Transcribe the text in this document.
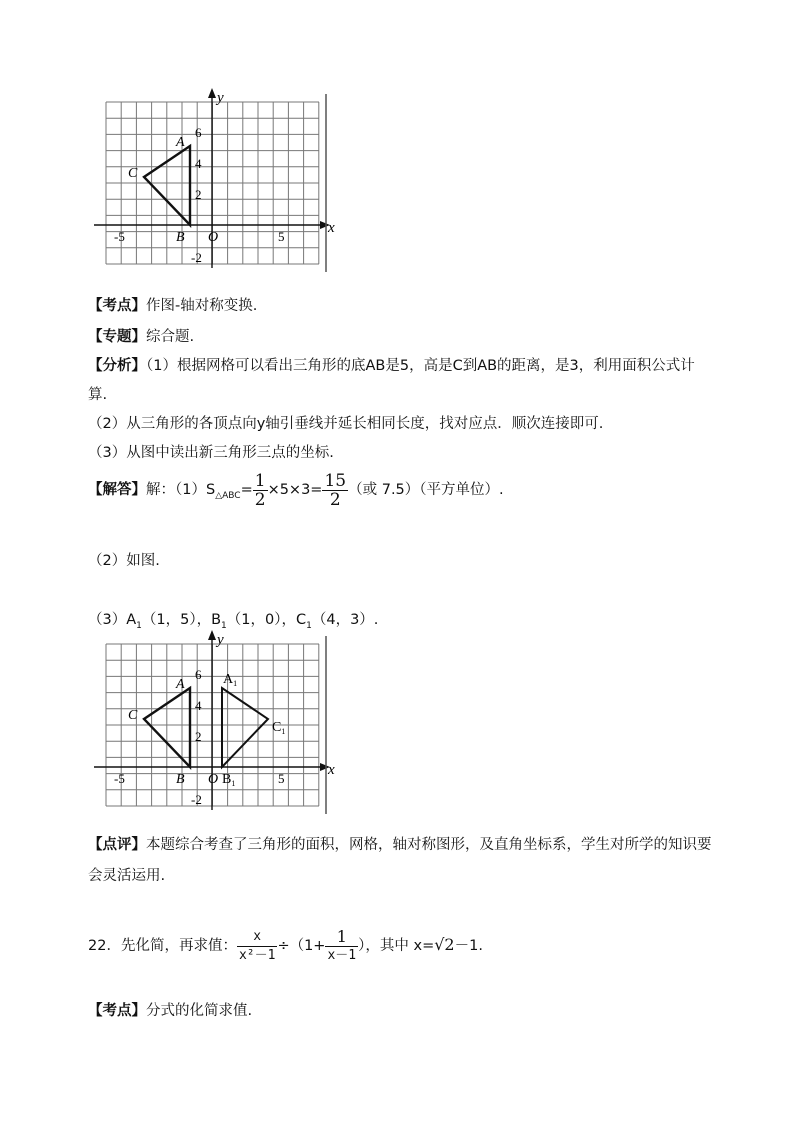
x
y
-5	5
6
4
2
-2
O
A
B
C
【考点】作图-轴对称变换.
【专题】综合题.
【分析】（1）根据网格可以看出三角形的底AB是5，高是C到AB的距离，是3，利用面积公式计
算.
（2）从三角形的各顶点向y轴引垂线并延长相同长度，找对应点．顺次连接即可.
（3）从图中读出新三角形三点的坐标.
【解答】解：$(1)S_{\triangle ABC}= \frac{1}{2} \times 5\times 3= \frac{15}{2}$ （或 7.5）（平方单位）.
（2）如图.
$(3)A_1(1$，5），$B_1(1$，0），$C_1(4$，3）.
x
y
-5	5
6
4
2
-2
O
A
B
C
$A_1$
$B_1$
$C_1$
【点评】本题综合考查了三角形的面积，网格，轴对称图形，及直角坐标系，学生对所学的知识要
会灵活运用.
22．先化简，再求值： $\frac{x}{\text{x²－1}} \div(1+ \frac{1}{x-1}$ ），其中 x=√2－1.
【考点】分式的化简求值.
